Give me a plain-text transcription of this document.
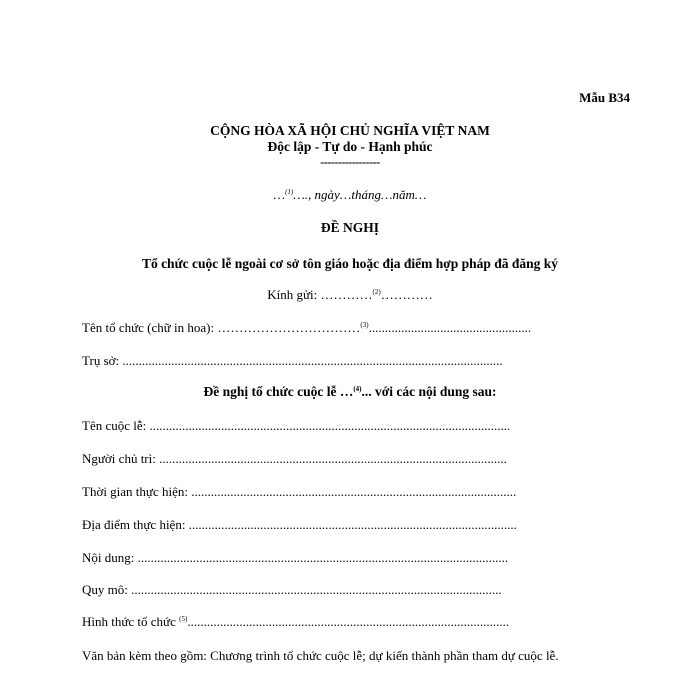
Mẫu B34
CỘNG HÒA XÃ HỘI CHỦ NGHĨA VIỆT NAM
Độc lập - Tự do - Hạnh phúc
-----------------
…$^{(1)}$…., ngày…tháng…năm…
ĐỀ NGHỊ
Tổ chức cuộc lễ ngoài cơ sở tôn giáo hoặc địa điểm hợp pháp đã đăng ký
Kính gửi: …………$^{(2)}$…………
Tên tổ chức (chữ in hoa): ……………………………$^{(3)}$..................................................
Trụ sở: .....................................................................................................................
Đề nghị tổ chức cuộc lễ …$^{(4)}$... với các nội dung sau:
Tên cuộc lễ: ...............................................................................................................
Người chủ trì: ...........................................................................................................
Thời gian thực hiện: ....................................................................................................
Địa điểm thực hiện: .....................................................................................................
Nội dung: ..................................................................................................................
Quy mô: ..................................................................................................................
Hình thức tổ chức $^{(5)}$...................................................................................................
Văn bản kèm theo gồm: Chương trình tổ chức cuộc lễ; dự kiến thành phần tham dự cuộc lễ.
